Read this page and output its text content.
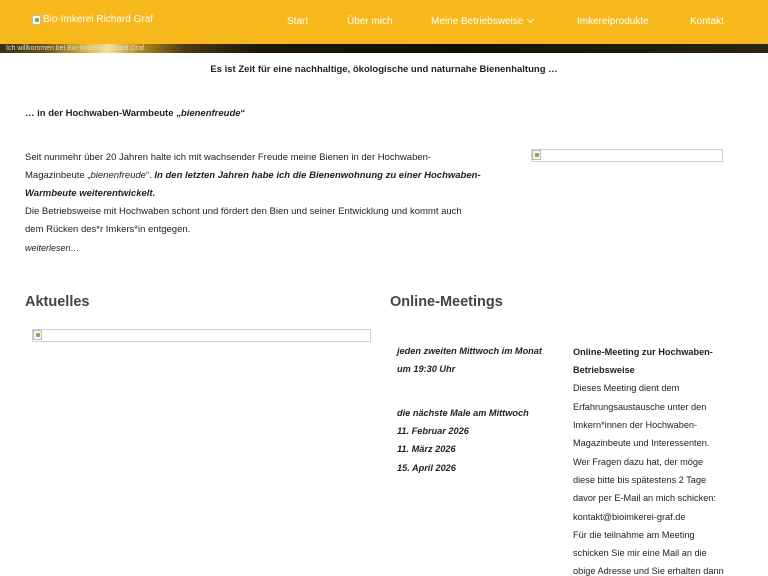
Bio-Imkerei Richard Graf	Start	Über mich	Meine Betriebsweise	Imkereiprodukte	Kontakt
Ich willkommen bei Bio-Imkerei Richard Graf
Es ist Zeit für eine nachhaltige, ökologische und naturnahe Bienenhaltung …
… in der Hochwaben-Warmbeute „bienenfreude“
Seit nunmehr über 20 Jahren halte ich mit wachsender Freude meine Bienen in der Hochwaben-
Magazinbeute „bienenfreude“. In den letzten Jahren habe ich die Bienenwohnung zu einer Hochwaben-
Warmbeute weiterentwickelt.
Die Betriebsweise mit Hochwaben schont und fördert den Bien und seiner Entwicklung und kommt auch
dem Rücken des*r Imkers*in entgegen.
weiterlesen…
Aktuelles	Online-Meetings
jeden zweiten Mittwoch im Monat
um 19:30 Uhr
die nächste Male am Mittwoch
11. Februar 2026
11. März 2026
15. April 2026
Online-Meeting zur Hochwaben-
Betriebsweise
Dieses Meeting dient dem
Erfahrungsaustausche unter den
Imkern*innen der Hochwaben-
Magazinbeute und Interessenten.
Wer Fragen dazu hat, der möge
diese bitte bis spätestens 2 Tage
davor per E-Mail an mich schicken:
kontakt@bioimkerei-graf.de
Für die teilnahme am Meeting
schicken Sie mir eine Mail an die
obige Adresse und Sie erhalten dann
